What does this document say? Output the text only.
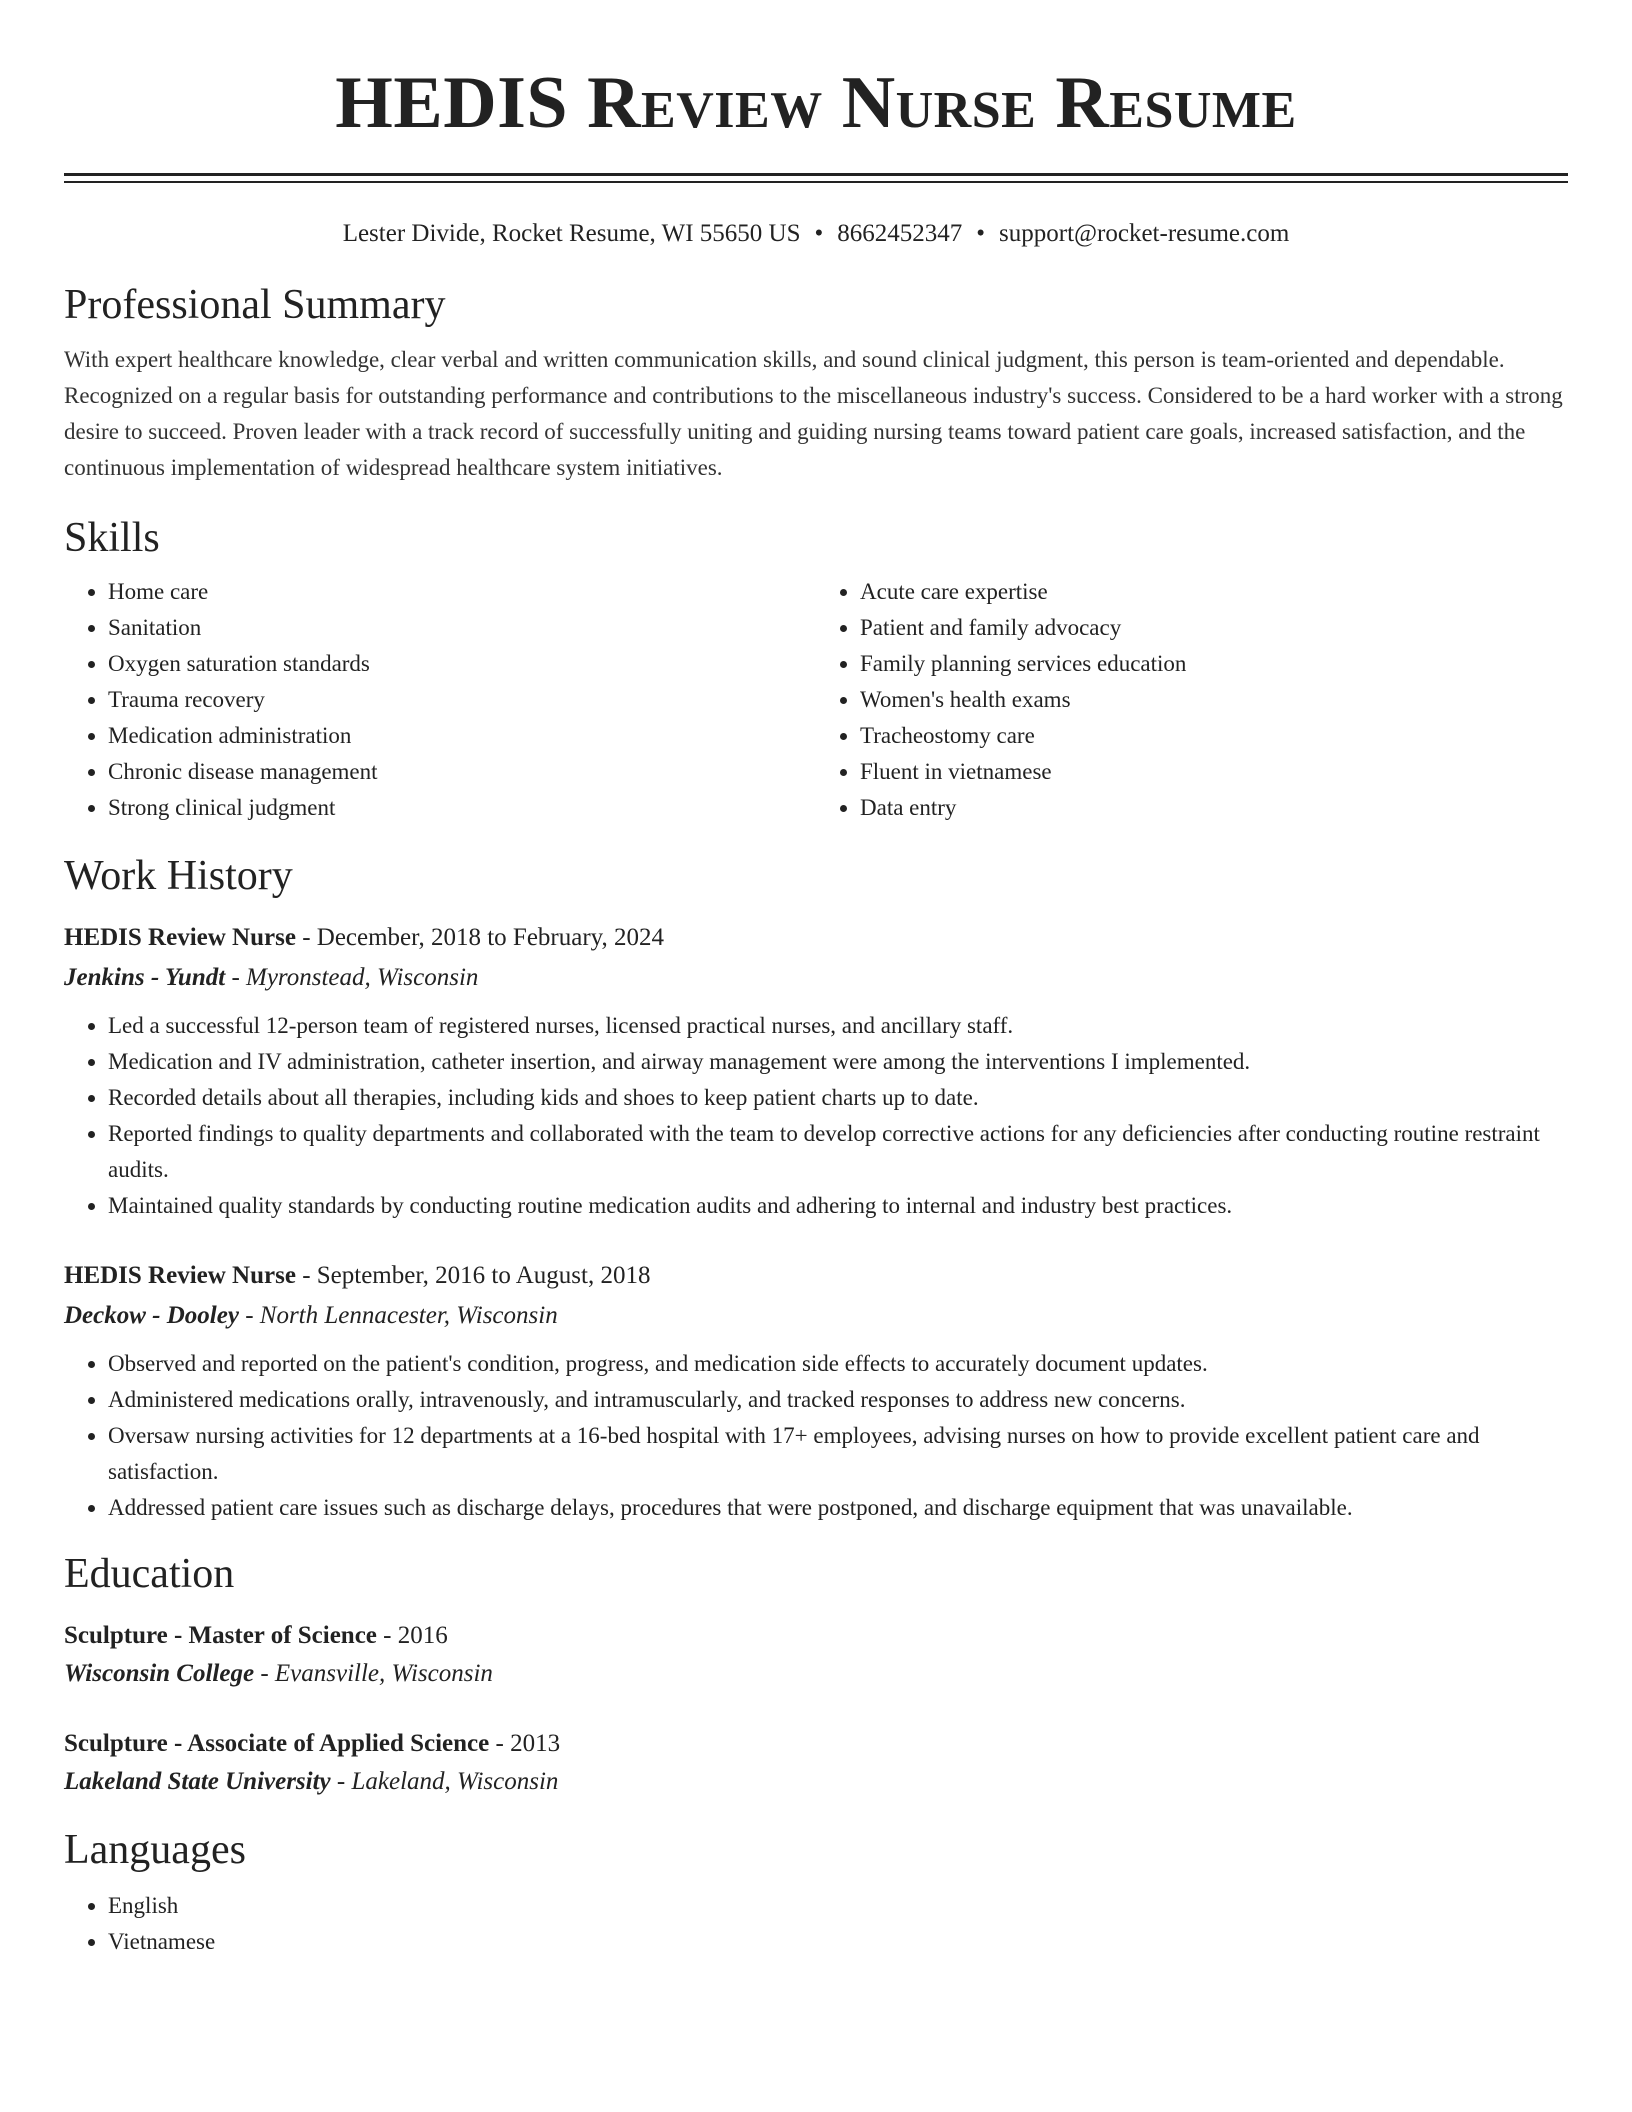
HEDIS Review Nurse Resume
Lester Divide, Rocket Resume, WI 55650 US • 8662452347 • support@rocket-resume.com
Professional Summary
With expert healthcare knowledge, clear verbal and written communication skills, and sound clinical judgment, this person is team-oriented and dependable. Recognized on a regular basis for outstanding performance and contributions to the miscellaneous industry's success. Considered to be a hard worker with a strong desire to succeed. Proven leader with a track record of successfully uniting and guiding nursing teams toward patient care goals, increased satisfaction, and the continuous implementation of widespread healthcare system initiatives.
Skills
• Home care
• Sanitation
• Oxygen saturation standards
• Trauma recovery
• Medication administration
• Chronic disease management
• Strong clinical judgment
• Acute care expertise
• Patient and family advocacy
• Family planning services education
• Women's health exams
• Tracheostomy care
• Fluent in vietnamese
• Data entry
Work History
HEDIS Review Nurse - December, 2018 to February, 2024
Jenkins - Yundt - Myronstead, Wisconsin
• Led a successful 12-person team of registered nurses, licensed practical nurses, and ancillary staff.
• Medication and IV administration, catheter insertion, and airway management were among the interventions I implemented.
• Recorded details about all therapies, including kids and shoes to keep patient charts up to date.
• Reported findings to quality departments and collaborated with the team to develop corrective actions for any deficiencies after conducting routine restraint audits.
• Maintained quality standards by conducting routine medication audits and adhering to internal and industry best practices.
HEDIS Review Nurse - September, 2016 to August, 2018
Deckow - Dooley - North Lennacester, Wisconsin
• Observed and reported on the patient's condition, progress, and medication side effects to accurately document updates.
• Administered medications orally, intravenously, and intramuscularly, and tracked responses to address new concerns.
• Oversaw nursing activities for 12 departments at a 16-bed hospital with 17+ employees, advising nurses on how to provide excellent patient care and satisfaction.
• Addressed patient care issues such as discharge delays, procedures that were postponed, and discharge equipment that was unavailable.
Education
Sculpture - Master of Science - 2016
Wisconsin College - Evansville, Wisconsin
Sculpture - Associate of Applied Science - 2013
Lakeland State University - Lakeland, Wisconsin
Languages
• English
• Vietnamese
